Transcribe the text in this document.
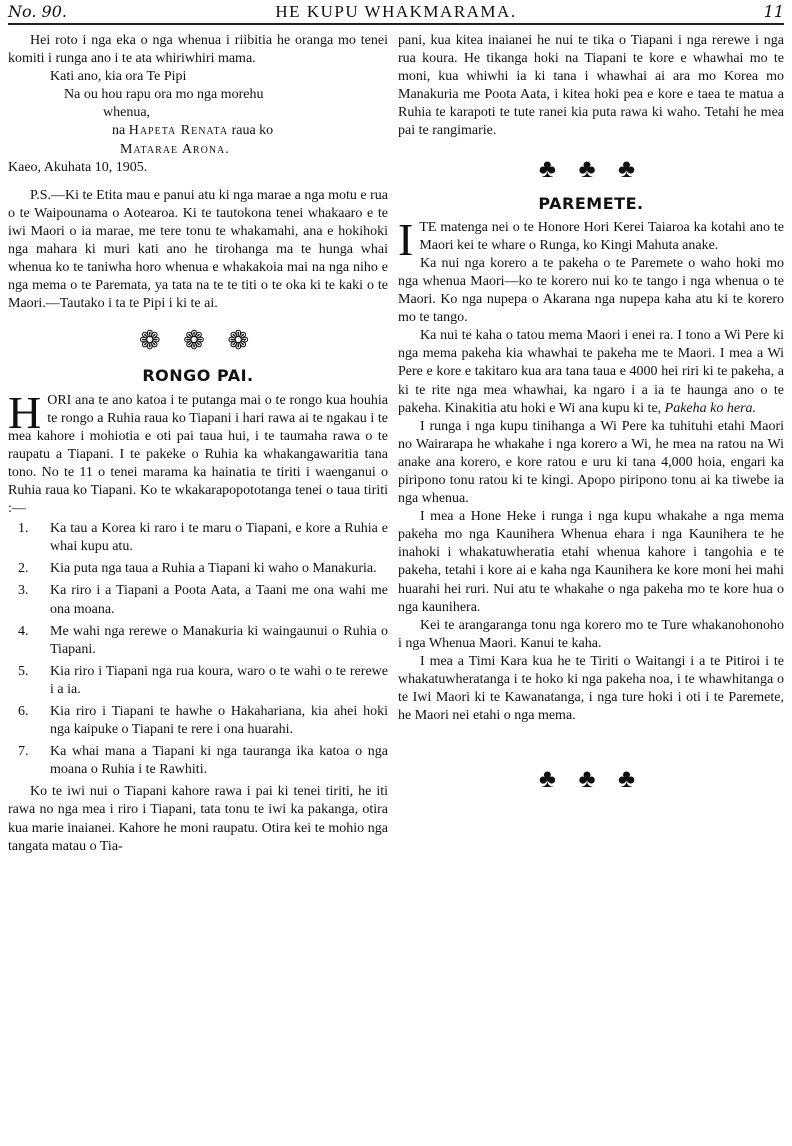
No. 90.	HE KUPU WHAKMARAMA.	11

Hei roto i nga eka o nga whenua i riibitia he oranga mo tenei komiti i runga ano i te ata whiriwhiri mama.

Kati ano, kia ora Te Pipi

Na ou hou rapu ora mo nga morehu

whenua,

na Hapeta Renata raua ko

Matarae Arona.

Kaeo, Akuhata 10, 1905.

P.S.—Ki te Etita mau e panui atu ki nga marae a nga motu e rua o te Waipounama o Aotearoa. Ki te tautokona tenei whakaaro e te iwi Maori o ia marae, me tere tonu te whakamahi, ana e hokihoki nga mahara ki muri kati ano he tirohanga ma te hunga whai whenua ko te taniwha horo whenua e whakakoia mai na nga niho e nga mema o te Paremata, ya tata na te te titi o te oka ki te kaki o te Maori.—Tautako i ta te Pipi i ki te ai.

❁ ❁ ❁
RONGO PAI.

HORI ana te ano katoa i te putanga mai o te rongo kua houhia te rongo a Ruhia raua ko Tiapani i hari rawa ai te ngakau i te mea kahore i mohiotia e oti pai taua hui, i te taumaha rawa o te raupatu a Tiapani. I te pakeke o Ruhia ka whakangawaritia tana tono. No te 11 o tenei marama ka hainatia te tiriti i waenganui o Ruhia raua ko Tiapani. Ko te wkakarapopototanga tenei o taua tiriti :—

1. Ka tau a Korea ki raro i te maru o Tiapani, e kore a Ruhia e whai kupu atu.
2. Kia puta nga taua a Ruhia a Tiapani ki waho o Manakuria.
3. Ka riro i a Tiapani a Poota Aata, a Taani me ona wahi me ona moana.
4. Me wahi nga rerewe o Manakuria ki waingaunui o Ruhia o Tiapani.
5. Kia riro i Tiapani nga rua koura, waro o te wahi o te rerewe i a ia.
6. Kia riro i Tiapani te hawhe o Hakahariana, kia ahei hoki nga kaipuke o Tiapani te rere i ona huarahi.
7. Ka whai mana a Tiapani ki nga tauranga ika katoa o nga moana o Ruhia i te Rawhiti.

Ko te iwi nui o Tiapani kahore rawa i pai ki tenei tiriti, he iti rawa no nga mea i riro i Tiapani, tata tonu te iwi ka pakanga, otira kua marie inaianei. Kahore he moni raupatu. Otira kei te mohio nga tangata matau o Tia-

pani, kua kitea inaianei he nui te tika o Tiapani i nga rerewe i nga rua koura. He tikanga hoki na Tiapani te kore e whawhai mo te moni, kua whiwhi ia ki tana i whawhai ai ara mo Korea mo Manakuria me Poota Aata, i kitea hoki pea e kore e taea te matua a Ruhia te karapoti te tute ranei kia puta rawa ki waho. Tetahi he mea pai te rangimarie.

♣ ♣ ♣
PAREMETE.

ITE matenga nei o te Honore Hori Kerei Taiaroa ka kotahi ano te Maori kei te whare o Runga, ko Kingi Mahuta anake.

Ka nui nga korero a te pakeha o te Paremete o waho hoki mo nga whenua Maori—ko te korero nui ko te tango i nga whenua o te Maori. Ko nga nupepa o Akarana nga nupepa kaha atu ki te korero mo te tango.

Ka nui te kaha o tatou mema Maori i enei ra. I tono a Wi Pere ki nga mema pakeha kia whawhai te pakeha me te Maori. I mea a Wi Pere e kore e takitaro kua ara tana taua e 4000 hei riri ki te pakeha, a ki te rite nga mea whawhai, ka ngaro i a ia te haunga ano o te pakeha. Kinakitia atu hoki e Wi ana kupu ki te, Pakeha ko hera.

I runga i nga kupu tinihanga a Wi Pere ka tuhituhi etahi Maori no Wairarapa he whakahe i nga korero a Wi, he mea na ratou na Wi anake ana korero, e kore ratou e uru ki tana 4,000 hoia, engari ka piripono tonu ratou ki te kingi. Apopo piripono tonu ai ka tiwebe ia nga whenua.

I mea a Hone Heke i runga i nga kupu whakahe a nga mema pakeha mo nga Kaunihera Whenua ehara i nga Kaunihera te he inahoki i whakatuwheratia etahi whenua kahore i tangohia e te pakeha, tetahi i kore ai e kaha nga Kaunihera ke kore moni hei mahi huarahi hei ruri. Nui atu te whakahe o nga pakeha mo te kore hua o nga kaunihera.

Kei te arangaranga tonu nga korero mo te Ture whakanohonoho i nga Whenua Maori. Kanui te kaha.

I mea a Timi Kara kua he te Tiriti o Waitangi i a te Pitiroi i te whakatuwheratanga i te hoko ki nga pakeha noa, i te whawhitanga o te Iwi Maori ki te Kawanatanga, i nga ture hoki i oti i te Paremete, he Maori nei etahi o nga mema.

♣ ♣ ♣
